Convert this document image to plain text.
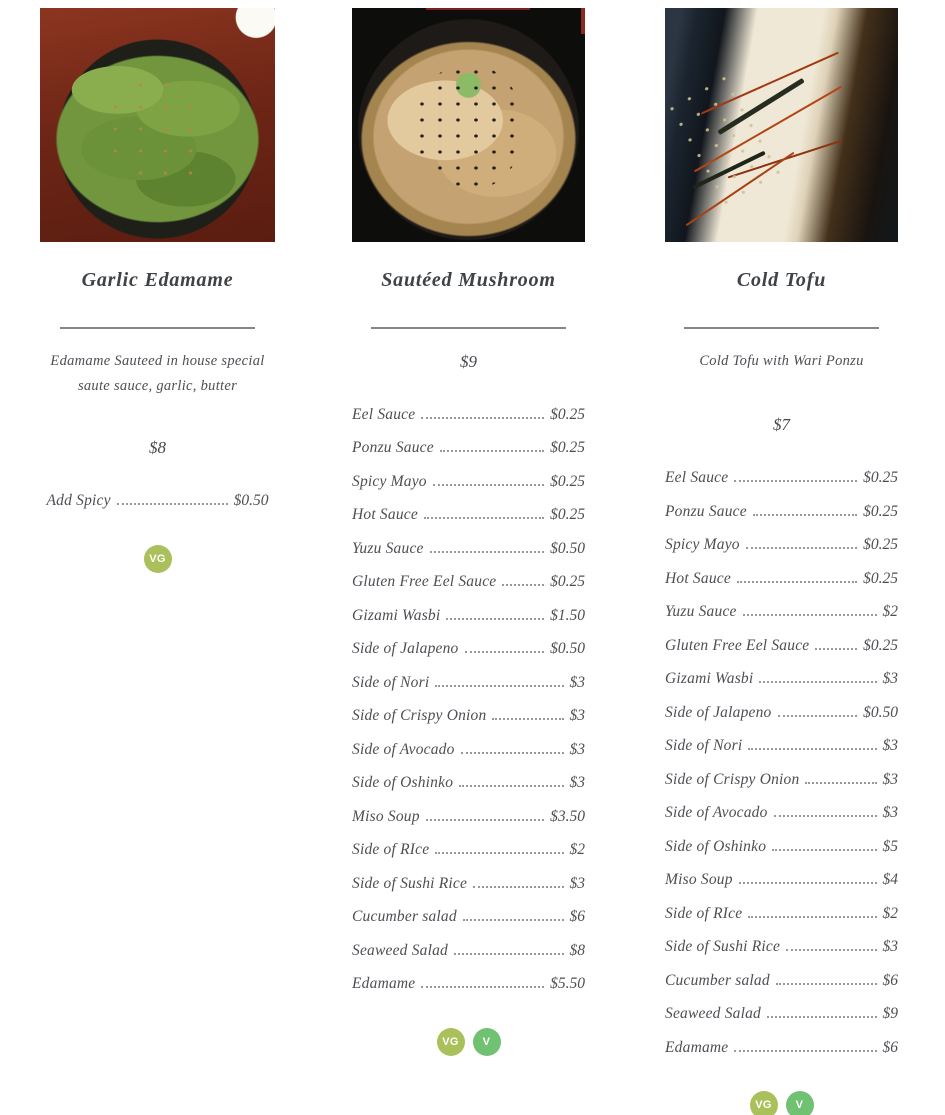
Garlic Edamame

Edamame Sauteed in house special saute sauce, garlic, butter

$8
Add Spicy	$0.50
VG
Sautéed Mushroom
$9
Eel Sauce	$0.25
Ponzu Sauce	$0.25
Spicy Mayo	$0.25
Hot Sauce	$0.25
Yuzu Sauce	$0.50
Gluten Free Eel Sauce	$0.25
Gizami Wasbi	$1.50
Side of Jalapeno	$0.50
Side of Nori	$3
Side of Crispy Onion	$3
Side of Avocado	$3
Side of Oshinko	$3
Miso Soup	$3.50
Side of RIce	$2
Side of Sushi Rice	$3
Cucumber salad	$6
Seaweed Salad	$8
Edamame	$5.50
VG	V
Cold Tofu

Cold Tofu with Wari Ponzu

$7
Eel Sauce	$0.25
Ponzu Sauce	$0.25
Spicy Mayo	$0.25
Hot Sauce	$0.25
Yuzu Sauce	$2
Gluten Free Eel Sauce	$0.25
Gizami Wasbi	$3
Side of Jalapeno	$0.50
Side of Nori	$3
Side of Crispy Onion	$3
Side of Avocado	$3
Side of Oshinko	$5
Miso Soup	$4
Side of RIce	$2
Side of Sushi Rice	$3
Cucumber salad	$6
Seaweed Salad	$9
Edamame	$6
VG	V
